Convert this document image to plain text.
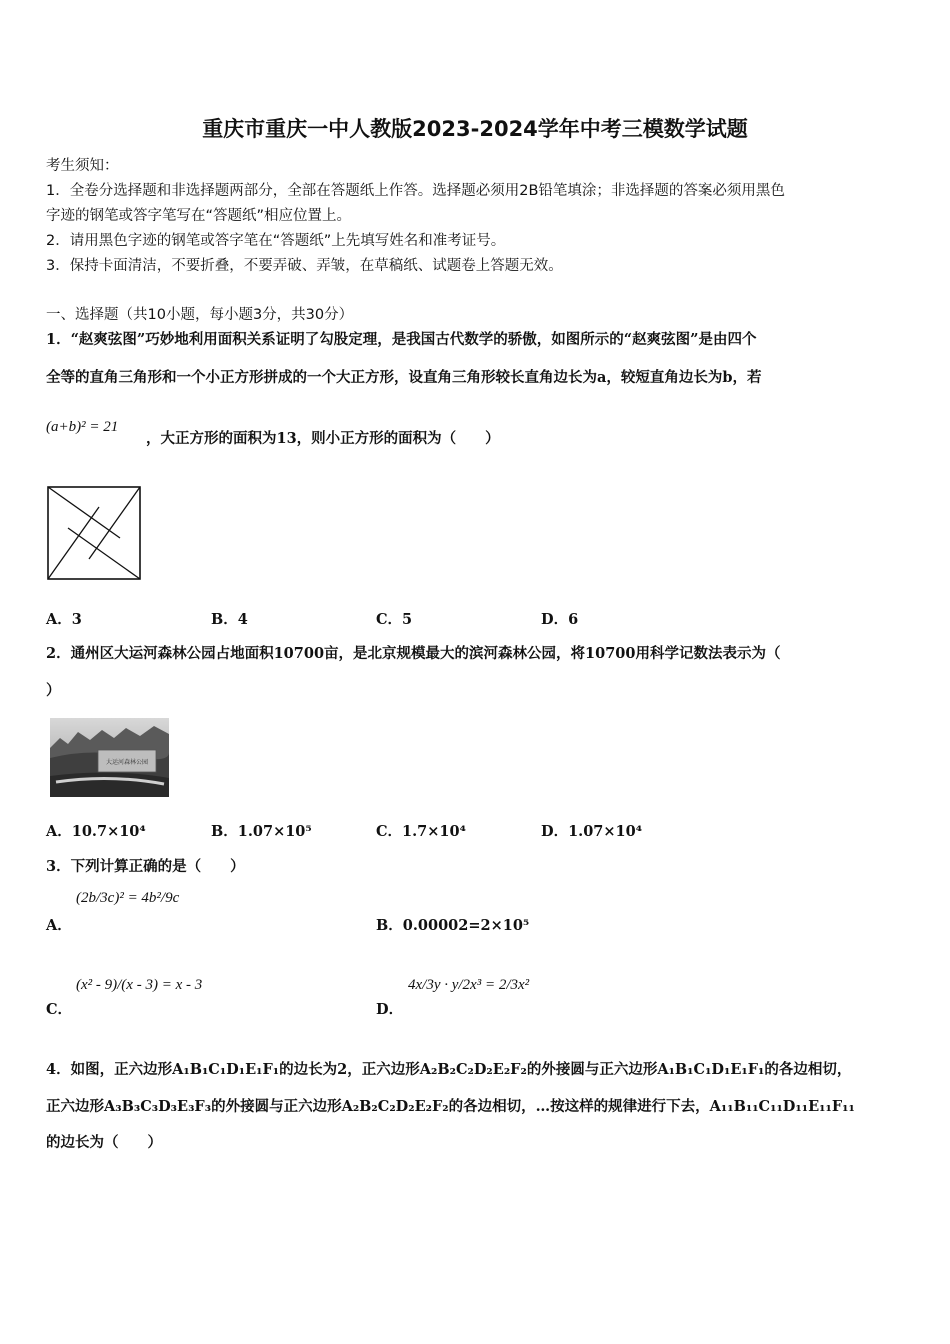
重庆市重庆一中人教版2023-2024学年中考三模数学试题
考生须知：
1．全卷分选择题和非选择题两部分，全部在答题纸上作答。选择题必须用2B铅笔填涂；非选择题的答案必须用黑色
字迹的钢笔或答字笔写在“答题纸”相应位置上。
2．请用黑色字迹的钢笔或答字笔在“答题纸”上先填写姓名和准考证号。
3．保持卡面清洁，不要折叠，不要弄破、弄皱，在草稿纸、试题卷上答题无效。
一、选择题（共10小题，每小题3分，共30分）
1．“赵爽弦图”巧妙地利用面积关系证明了勾股定理，是我国古代数学的骄傲，如图所示的“赵爽弦图”是由四个
全等的直角三角形和一个小正方形拼成的一个大正方形，设直角三角形较长直角边长为a，较短直角边长为b，若
(a+b)² = 21
，大正方形的面积为13，则小正方形的面积为（　　）
A．3	B．4	C．5	D．6
2．通州区大运河森林公园占地面积10700亩，是北京规模最大的滨河森林公园，将10700用科学记数法表示为（
）
大运河森林公园
A．10.7×10⁴	B．1.07×10⁵	C．1.7×10⁴	D．1.07×10⁴
3．下列计算正确的是（　　）
A．
(2b/3c)² = 4b²/9c
B．0.00002=2×10⁵
C．
(x² - 9)/(x - 3) = x - 3
D．
4x/3y · y/2x³ = 2/3x²
4．如图，正六边形A₁B₁C₁D₁E₁F₁的边长为2，正六边形A₂B₂C₂D₂E₂F₂的外接圆与正六边形A₁B₁C₁D₁E₁F₁的各边相切，
正六边形A₃B₃C₃D₃E₃F₃的外接圆与正六边形A₂B₂C₂D₂E₂F₂的各边相切，…按这样的规律进行下去，A₁₁B₁₁C₁₁D₁₁E₁₁F₁₁
的边长为（　　）
